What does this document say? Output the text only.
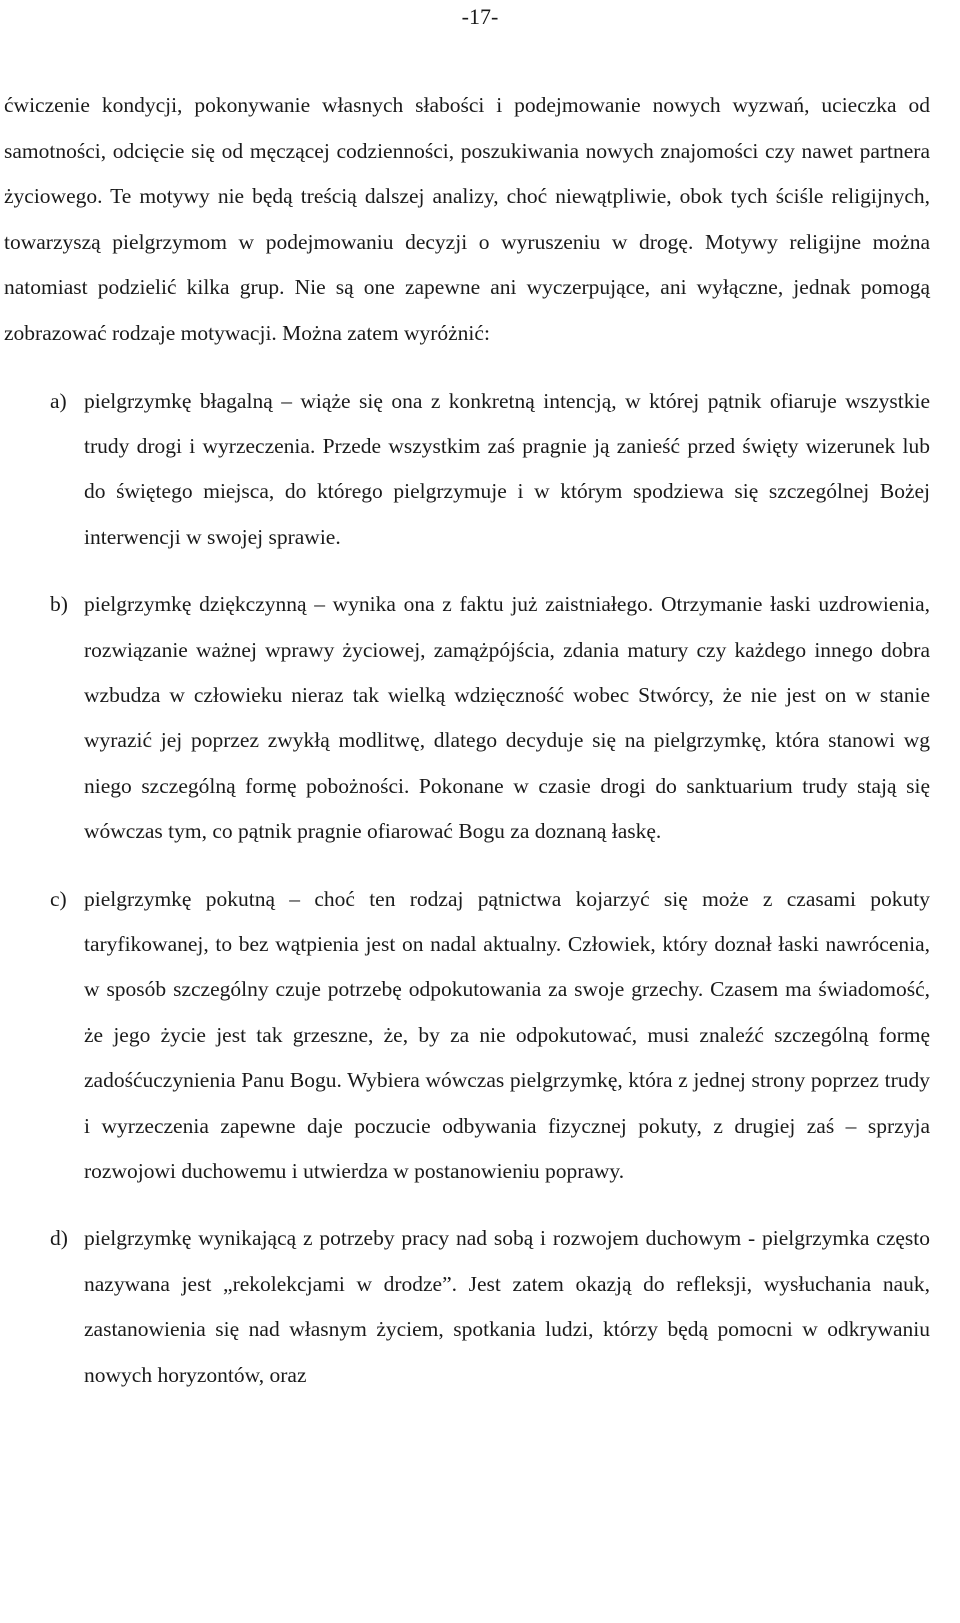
-17-

ćwiczenie kondycji, pokonywanie własnych słabości i podejmowanie nowych wyzwań, ucieczka od samotności, odcięcie się od męczącej codzienności, poszukiwania nowych znajomości czy nawet partnera życiowego. Te motywy nie będą treścią dalszej analizy, choć niewątpliwie, obok tych ściśle religijnych, towarzyszą pielgrzymom w podejmowaniu decyzji o wyruszeniu w drogę. Motywy religijne można natomiast podzielić kilka grup. Nie są one zapewne ani wyczerpujące, ani wyłączne, jednak pomogą zobrazować rodzaje motywacji. Można zatem wyróżnić:

a) pielgrzymkę błagalną – wiąże się ona z konkretną intencją, w której pątnik ofiaruje wszystkie trudy drogi i wyrzeczenia. Przede wszystkim zaś pragnie ją zanieść przed święty wizerunek lub do świętego miejsca, do którego pielgrzymuje i w którym spodziewa się szczególnej Bożej interwencji w swojej sprawie.
b) pielgrzymkę dziękczynną – wynika ona z faktu już zaistniałego. Otrzymanie łaski uzdrowienia, rozwiązanie ważnej wprawy życiowej, zamążpójścia, zdania matury czy każdego innego dobra wzbudza w człowieku nieraz tak wielką wdzięczność wobec Stwórcy, że nie jest on w stanie wyrazić jej poprzez zwykłą modlitwę, dlatego decyduje się na pielgrzymkę, która stanowi wg niego szczególną formę pobożności. Pokonane w czasie drogi do sanktuarium trudy stają się wówczas tym, co pątnik pragnie ofiarować Bogu za doznaną łaskę.
c) pielgrzymkę pokutną – choć ten rodzaj pątnictwa kojarzyć się może z czasami pokuty taryfikowanej, to bez wątpienia jest on nadal aktualny. Człowiek, który doznał łaski nawrócenia, w sposób szczególny czuje potrzebę odpokutowania za swoje grzechy. Czasem ma świadomość, że jego życie jest tak grzeszne, że, by za nie odpokutować, musi znaleźć szczególną formę zadośćuczynienia Panu Bogu. Wybiera wówczas pielgrzymkę, która z jednej strony poprzez trudy i wyrzeczenia zapewne daje poczucie odbywania fizycznej pokuty, z drugiej zaś – sprzyja rozwojowi duchowemu i utwierdza w postanowieniu poprawy.
d) pielgrzymkę wynikającą z potrzeby pracy nad sobą i rozwojem duchowym - pielgrzymka często nazywana jest „rekolekcjami w drodze”. Jest zatem okazją do refleksji, wysłuchania nauk, zastanowienia się nad własnym życiem, spotkania ludzi, którzy będą pomocni w odkrywaniu nowych horyzontów, oraz
